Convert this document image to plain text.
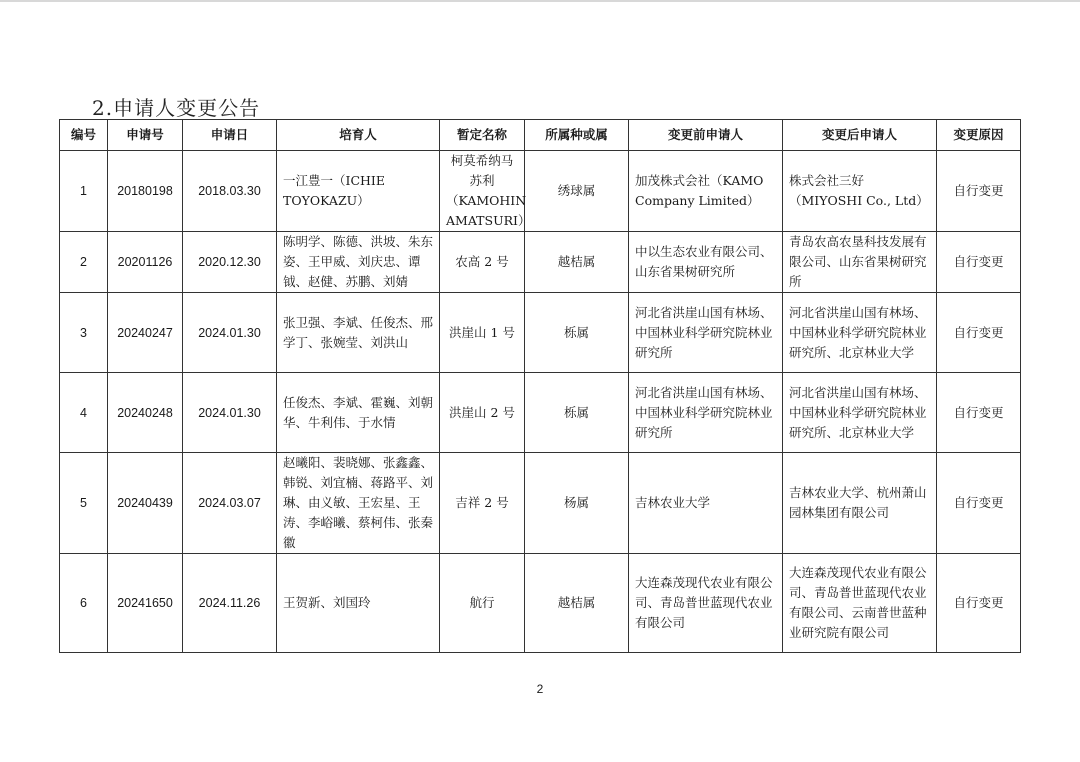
2.申请人变更公告
编号	申请号	申请日	培育人	暂定名称	所属种或属	变更前申请人	变更后申请人	变更原因
1	20180198	2018.03.30	一江豊一（ICHIE TOYOKAZU）	柯莫希纳马苏利（KAMOHIN AMATSURI）	绣球属	加茂株式会社（KAMO Company Limited）	株式会社三好（MIYOSHI Co., Ltd）	自行变更
2	20201126	2020.12.30	陈明学、陈德、洪坡、朱东姿、王甲威、刘庆忠、谭钺、赵健、苏鹏、刘婧	农高 2 号	越桔属	中以生态农业有限公司、山东省果树研究所	青岛农高农垦科技发展有限公司、山东省果树研究所	自行变更
3	20240247	2024.01.30	张卫强、李斌、任俊杰、邢学丁、张婉莹、刘洪山	洪崖山 1 号	栎属	河北省洪崖山国有林场、中国林业科学研究院林业研究所	河北省洪崖山国有林场、中国林业科学研究院林业研究所、北京林业大学	自行变更
4	20240248	2024.01.30	任俊杰、李斌、霍巍、刘朝华、牛利伟、于水情	洪崖山 2 号	栎属	河北省洪崖山国有林场、中国林业科学研究院林业研究所	河北省洪崖山国有林场、中国林业科学研究院林业研究所、北京林业大学	自行变更
5	20240439	2024.03.07	赵曦阳、裴晓娜、张鑫鑫、韩锐、刘宜楠、蒋路平、刘琳、由义敏、王宏星、王涛、李峪曦、蔡柯伟、张秦徽	吉祥 2 号	杨属	吉林农业大学	吉林农业大学、杭州萧山园林集团有限公司	自行变更
6	20241650	2024.11.26	王贺新、刘国玲	航行	越桔属	大连森茂现代农业有限公司、青岛普世蓝现代农业有限公司	大连森茂现代农业有限公司、青岛普世蓝现代农业有限公司、云南普世蓝种业研究院有限公司	自行变更
2
